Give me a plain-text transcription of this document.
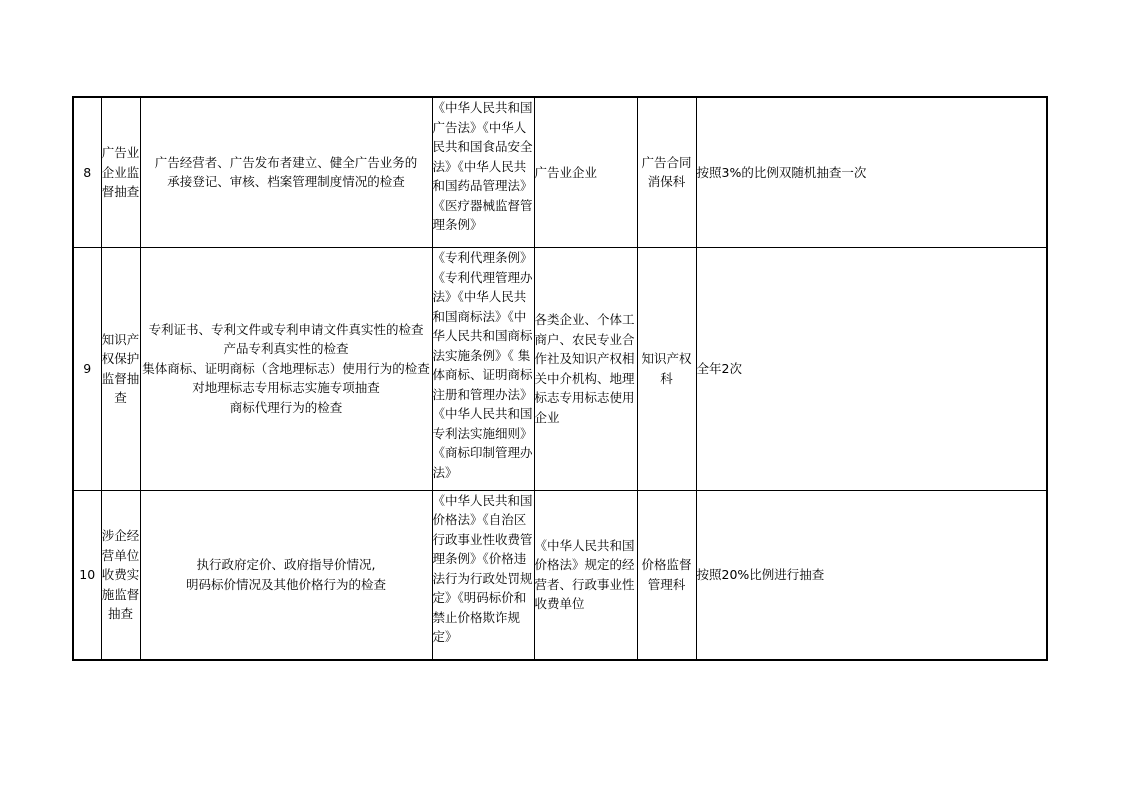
8	广告业企业监督抽查	广告经营者、广告发布者建立、健全广告业务的
承接登记、审核、档案管理制度情况的检查	《中华人民共和国广告法》《中华人民共和国食品安全法》《中华人民共和国药品管理法》《医疗器械监督管理条例》	广告业企业	广告合同消保科	按照3%的比例双随机抽查一次
9	知识产权保护监督抽查	专利证书、专利文件或专利申请文件真实性的检查
产品专利真实性的检查
集体商标、证明商标（含地理标志）使用行为的检查
对地理标志专用标志实施专项抽查
商标代理行为的检查	《专利代理条例》《专利代理管理办法》《中华人民共和国商标法》《中华人民共和国商标法实施条例》《 集体商标、证明商标注册和管理办法》《中华人民共和国专利法实施细则》《商标印制管理办法》	各类企业、个体工商户、农民专业合作社及知识产权相关中介机构、地理标志专用标志使用企业	知识产权科	全年2次
10	涉企经营单位收费实施监督抽查	执行政府定价、政府指导价情况,
明码标价情况及其他价格行为的检查	《中华人民共和国价格法》《自治区行政事业性收费管理条例》《价格违法行为行政处罚规定》《明码标价和禁止价格欺诈规定》	《中华人民共和国价格法》规定的经营者、行政事业性收费单位	价格监督管理科	按照20%比例进行抽查
